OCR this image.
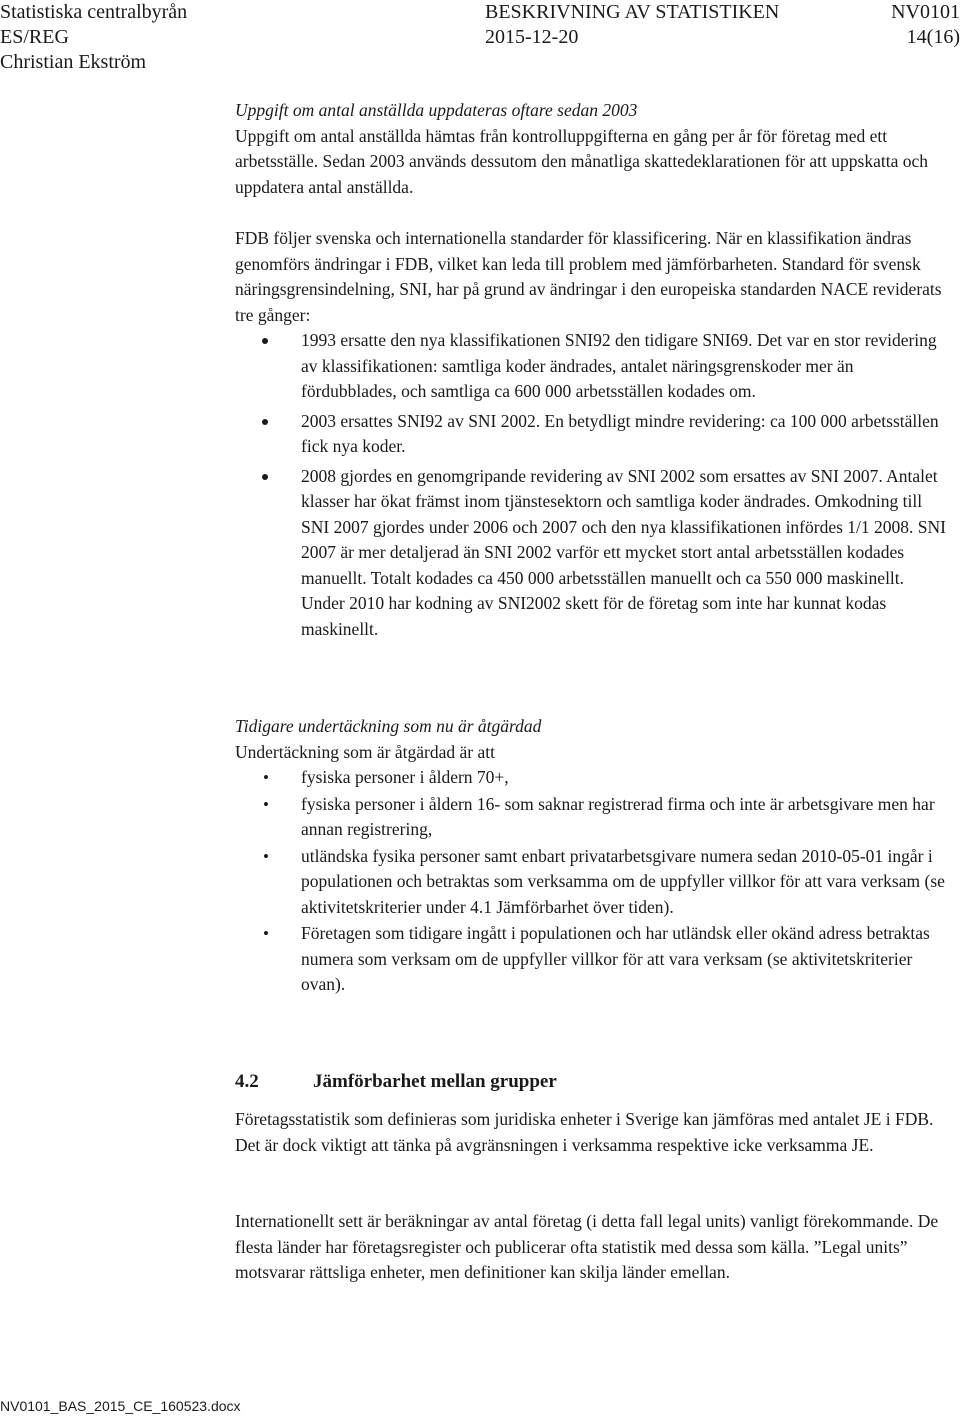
Statistiska centralbyrån	BESKRIVNING AV STATISTIKEN	NV0101
ES/REG	2015-12-20	14(16)
Christian Ekström

Uppgift om antal anställda uppdateras oftare sedan 2003

Uppgift om antal anställda hämtas från kontrolluppgifterna en gång per år för företag med ett arbetsställe. Sedan 2003 används dessutom den månatliga skattedeklarationen för att uppskatta och uppdatera antal anställda.

FDB följer svenska och internationella standarder för klassificering. När en klassifikation ändras genomförs ändringar i FDB, vilket kan leda till problem med jämförbarheten. Standard för svensk näringsgrensindelning, SNI, har på grund av ändringar i den europeiska standarden NACE reviderats tre gånger:

1993 ersatte den nya klassifikationen SNI92 den tidigare SNI69. Det var en stor revidering av klassifikationen: samtliga koder ändrades, antalet näringsgrenskoder mer än fördubblades, och samtliga ca 600 000 arbetsställen kodades om.
2003 ersattes SNI92 av SNI 2002. En betydligt mindre revidering: ca 100 000 arbetsställen fick nya koder.
2008 gjordes en genomgripande revidering av SNI 2002 som ersattes av SNI 2007. Antalet klasser har ökat främst inom tjänstesektorn och samtliga koder ändrades. Omkodning till SNI 2007 gjordes under 2006 och 2007 och den nya klassifikationen infördes 1/1 2008. SNI 2007 är mer detaljerad än SNI 2002 varför ett mycket stort antal arbetsställen kodades manuellt. Totalt kodades ca 450 000 arbetsställen manuellt och ca 550 000 maskinellt. Under 2010 har kodning av SNI2002 skett för de företag som inte har kunnat kodas maskinellt.

Tidigare undertäckning som nu är åtgärdad

Undertäckning som är åtgärdad är att

• fysiska personer i åldern 70+,
• fysiska personer i åldern 16- som saknar registrerad firma och inte är arbetsgivare men har annan registrering,
• utländska fysika personer samt enbart privatarbetsgivare numera sedan 2010-05-01 ingår i populationen och betraktas som verksamma om de uppfyller villkor för att vara verksam (se aktivitetskriterier under 4.1 Jämförbarhet över tiden).
• Företagen som tidigare ingått i populationen och har utländsk eller okänd adress betraktas numera som verksam om de uppfyller villkor för att vara verksam (se aktivitetskriterier ovan).
4.2	Jämförbarhet mellan grupper
Företagsstatistik som definieras som juridiska enheter i Sverige kan jämföras med antalet JE i FDB. Det är dock viktigt att tänka på avgränsningen i verksamma respektive icke verksamma JE.
Internationellt sett är beräkningar av antal företag (i detta fall legal units) vanligt förekommande. De flesta länder har företagsregister och publicerar ofta statistik med dessa som källa. ”Legal units” motsvarar rättsliga enheter, men definitioner kan skilja länder emellan.
NV0101_BAS_2015_CE_160523.docx
